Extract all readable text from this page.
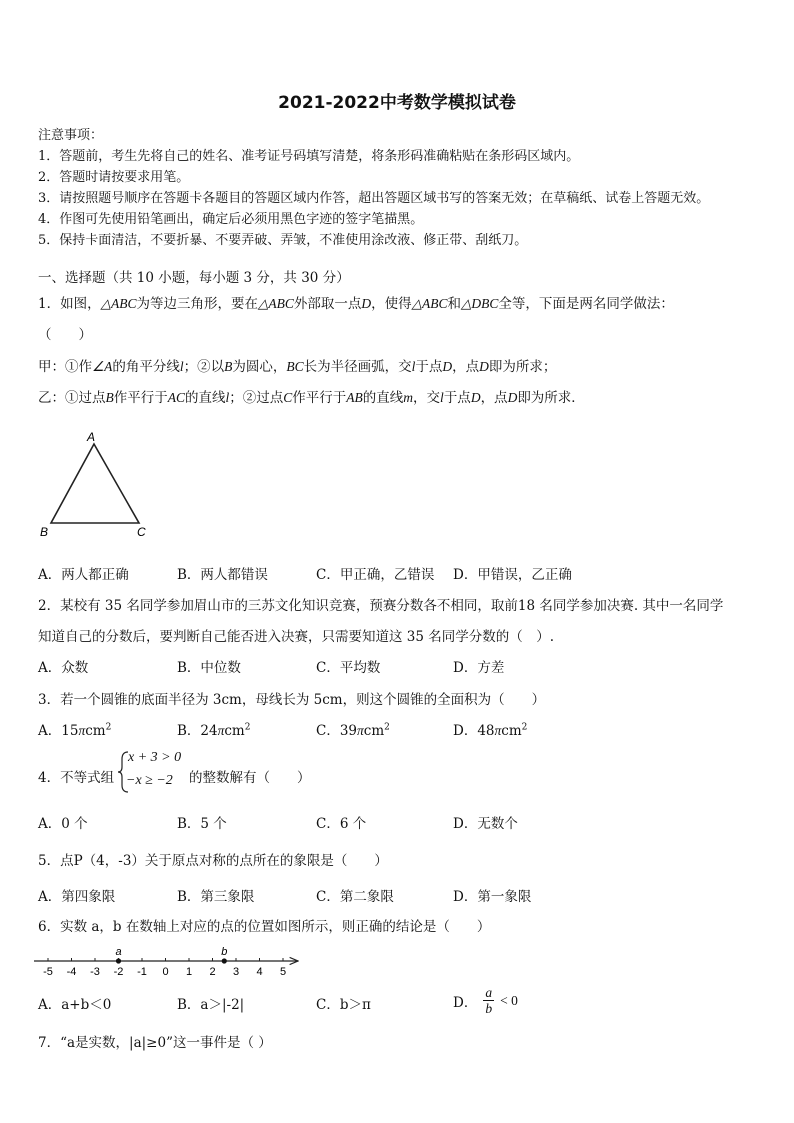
2021-2022中考数学模拟试卷
注意事项：
1．答题前，考生先将自己的姓名、准考证号码填写清楚，将条形码准确粘贴在条形码区域内。
2．答题时请按要求用笔。
3．请按照题号顺序在答题卡各题目的答题区域内作答，超出答题区域书写的答案无效；在草稿纸、试卷上答题无效。
4．作图可先使用铅笔画出，确定后必须用黑色字迹的签字笔描黑。
5．保持卡面清洁，不要折暴、不要弄破、弄皱，不准使用涂改液、修正带、刮纸刀。
一、选择题（共 10 小题，每小题 3 分，共 30 分）
1．如图，△ABC为等边三角形，要在△ABC外部取一点D，使得△ABC和△DBC全等，下面是两名同学做法：
（　　）
甲：①作∠A的角平分线l；②以B为圆心，BC长为半径画弧，交l于点D，点D即为所求；
乙：①过点B作平行于AC的直线l；②过点C作平行于AB的直线m，交l于点D，点D即为所求．
A
B	C
A．两人都正确	B．两人都错误	C．甲正确，乙错误 D．甲错误，乙正确
2．某校有 35 名同学参加眉山市的三苏文化知识竞赛，预赛分数各不相同，取前18 名同学参加决赛. 其中一名同学
知道自己的分数后，要判断自己能否进入决赛，只需要知道这 35 名同学分数的（　）.
A．众数	B．中位数	C．平均数	D．方差
3．若一个圆锥的底面半径为 3cm，母线长为 5cm，则这个圆锥的全面积为（　　）
A．15πcm$^2$	B．24πcm$^2$	C．39πcm$^2$	D．48πcm$^2$
4．不等式组
x + 3 > 0
−x ≥ −2 的整数解有（　　）
A．0 个	B．5 个	C．6 个	D．无数个
5．点P（4，-3）关于原点对称的点所在的象限是（　　）
A．第四象限	B．第三象限	C．第二象限	D．第一象限
6．实数 a，b 在数轴上对应的点的位置如图所示，则正确的结论是（　　）
-5 -4 -3 -2 -1 0 1 2 3 4 5
a	b
A．a+b＜0	B．a＞|-2|	C．b＞π	D． $\frac{a}{b} < 0$
7．“a是实数，|a|≥0”这一事件是（ ）
